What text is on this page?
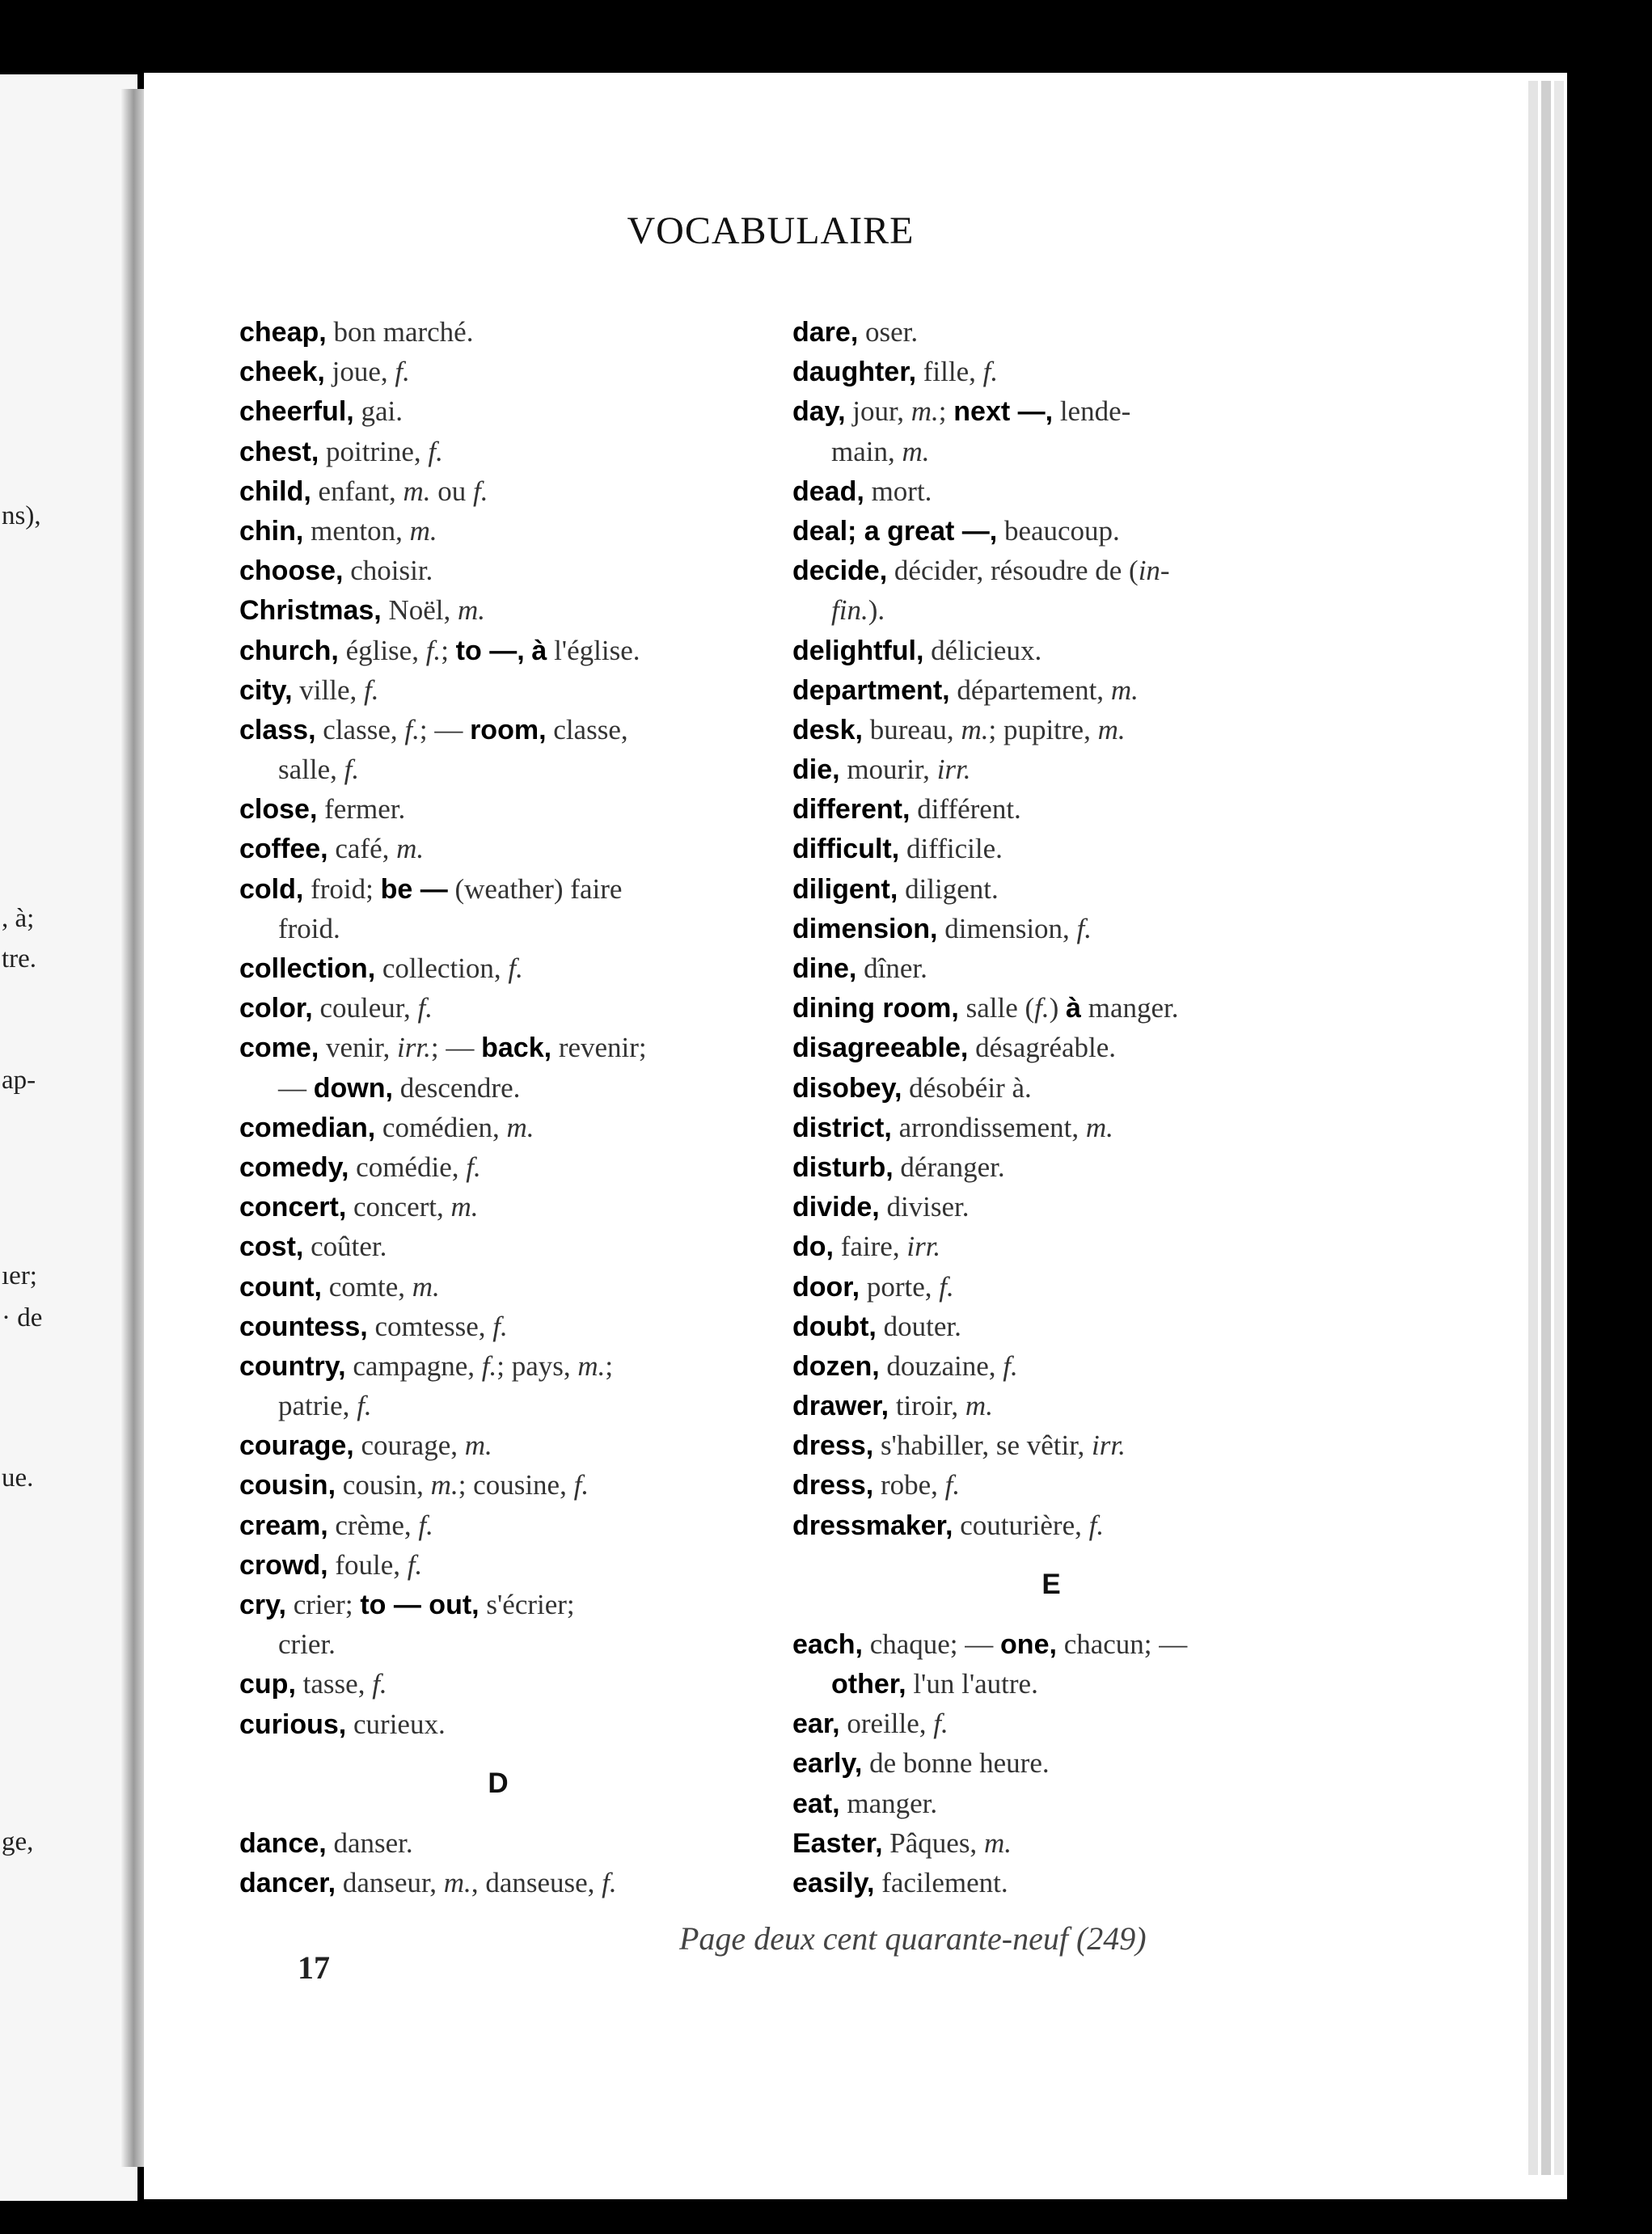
ns),
, à;
tre.
ap-
ıer;
· de
ue.
ge,
VOCABULAIRE
cheap, bon marché.
cheek, joue, f.
cheerful, gai.
chest, poitrine, f.
child, enfant, m. ou f.
chin, menton, m.
choose, choisir.
Christmas, Noël, m.
church, église, f.; to —, à l'église.
city, ville, f.
class, classe, f.; — room, classe,
salle, f.
close, fermer.
coffee, café, m.
cold, froid; be — (weather) faire
froid.
collection, collection, f.
color, couleur, f.
come, venir, irr.; — back, revenir;
— down, descendre.
comedian, comédien, m.
comedy, comédie, f.
concert, concert, m.
cost, coûter.
count, comte, m.
countess, comtesse, f.
country, campagne, f.; pays, m.;
patrie, f.
courage, courage, m.
cousin, cousin, m.; cousine, f.
cream, crème, f.
crowd, foule, f.
cry, crier; to — out, s'écrier;
crier.
cup, tasse, f.
curious, curieux.
D
dance, danser.
dancer, danseur, m., danseuse, f.
dare, oser.
daughter, fille, f.
day, jour, m.; next —, lende-
main, m.
dead, mort.
deal; a great —, beaucoup.
decide, décider, résoudre de (in-
fin.).
delightful, délicieux.
department, département, m.
desk, bureau, m.; pupitre, m.
die, mourir, irr.
different, différent.
difficult, difficile.
diligent, diligent.
dimension, dimension, f.
dine, dîner.
dining room, salle (f.) à manger.
disagreeable, désagréable.
disobey, désobéir à.
district, arrondissement, m.
disturb, déranger.
divide, diviser.
do, faire, irr.
door, porte, f.
doubt, douter.
dozen, douzaine, f.
drawer, tiroir, m.
dress, s'habiller, se vêtir, irr.
dress, robe, f.
dressmaker, couturière, f.
E
each, chaque; — one, chacun; —
other, l'un l'autre.
ear, oreille, f.
early, de bonne heure.
eat, manger.
Easter, Pâques, m.
easily, facilement.
Page deux cent quarante-neuf (249)
17
